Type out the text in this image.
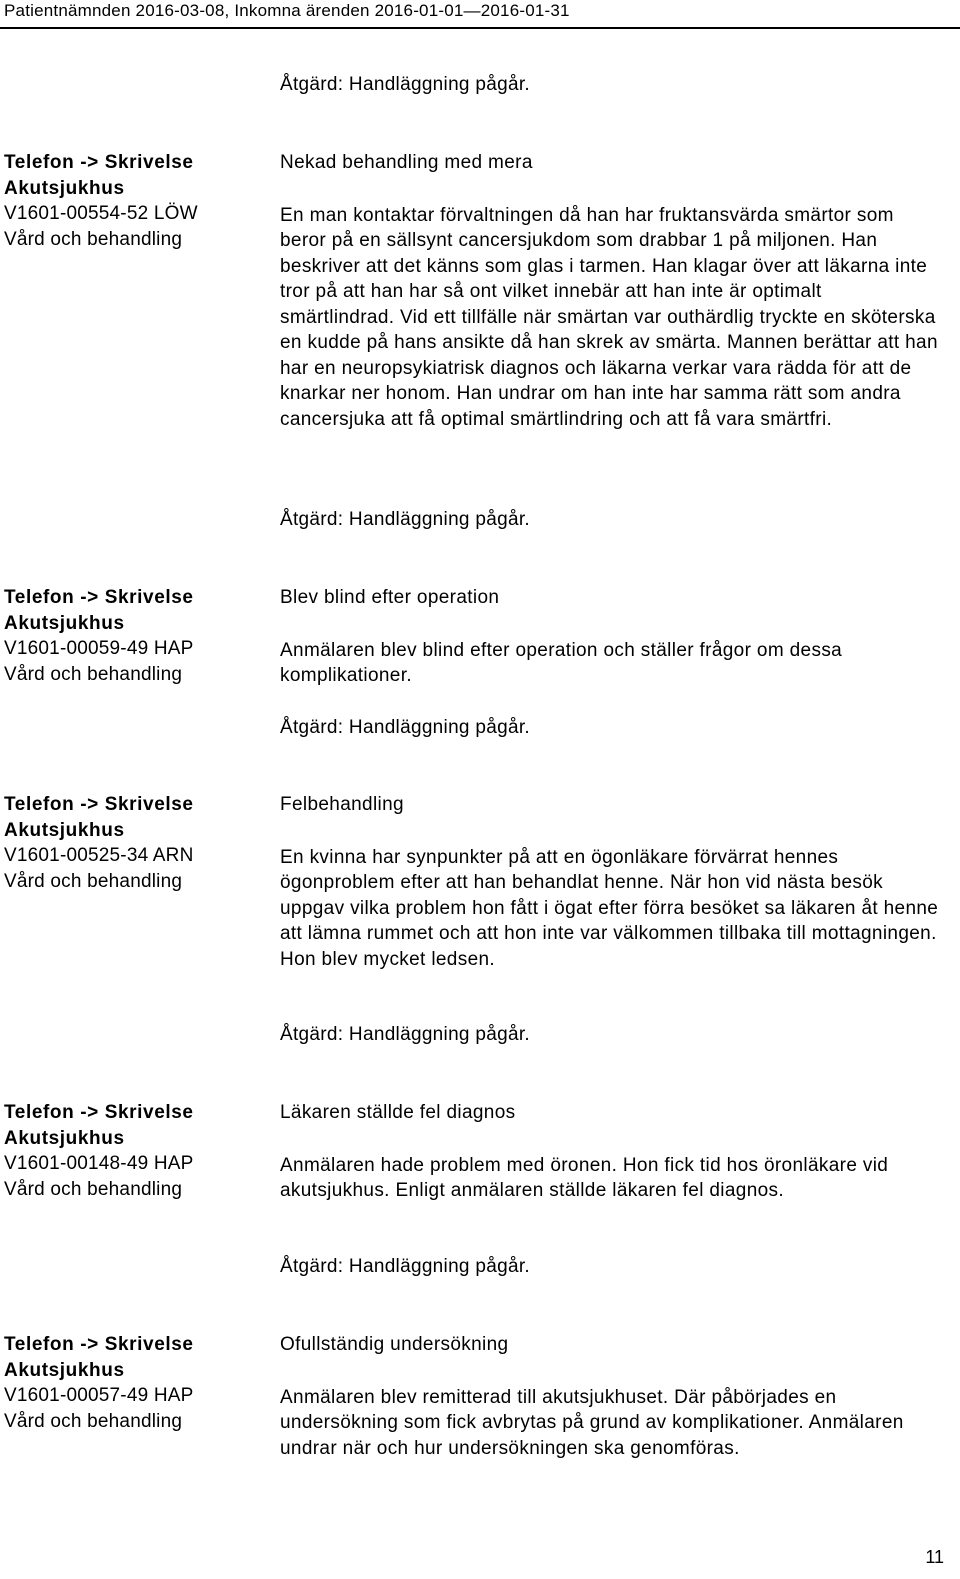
Patientnämnden 2016-03-08, Inkomna ärenden 2016-01-01—2016-01-31
Åtgärd: Handläggning pågår.
Telefon -> Skrivelse
Akutsjukhus
V1601-00554-52 LÖW
Vård och behandling
Nekad behandling med mera

En man kontaktar förvaltningen då han har fruktansvärda smärtor som beror på en sällsynt cancersjukdom som drabbar 1 på miljonen. Han beskriver att det känns som glas i tarmen. Han klagar över att läkarna inte tror på att han har så ont vilket innebär att han inte är optimalt smärtlindrad. Vid ett tillfälle när smärtan var outhärdlig tryckte en sköterska en kudde på hans ansikte då han skrek av smärta. Mannen berättar att han har en neuropsykiatrisk diagnos och läkarna verkar vara rädda för att de knarkar ner honom. Han undrar om han inte har samma rätt som andra cancersjuka att få optimal smärtlindring och att få vara smärtfri.

Åtgärd: Handläggning pågår.
Telefon -> Skrivelse
Akutsjukhus
V1601-00059-49 HAP
Vård och behandling
Blev blind efter operation

Anmälaren blev blind efter operation och ställer frågor om dessa komplikationer.

Åtgärd: Handläggning pågår.
Telefon -> Skrivelse
Akutsjukhus
V1601-00525-34 ARN
Vård och behandling
Felbehandling

En kvinna har synpunkter på att en ögonläkare förvärrat hennes ögonproblem efter att han behandlat henne. När hon vid nästa besök uppgav vilka problem hon fått i ögat efter förra besöket sa läkaren åt henne att lämna rummet och att hon inte var välkommen tillbaka till mottagningen. Hon blev mycket ledsen.

Åtgärd: Handläggning pågår.
Telefon -> Skrivelse
Akutsjukhus
V1601-00148-49 HAP
Vård och behandling
Läkaren ställde fel diagnos

Anmälaren hade problem med öronen. Hon fick tid hos öronläkare vid akutsjukhus. Enligt anmälaren ställde läkaren fel diagnos.

Åtgärd: Handläggning pågår.
Telefon -> Skrivelse
Akutsjukhus
V1601-00057-49 HAP
Vård och behandling
Ofullständig undersökning

Anmälaren blev remitterad till akutsjukhuset. Där påbörjades en undersökning som fick avbrytas på grund av komplikationer. Anmälaren undrar när och hur undersökningen ska genomföras.

11
